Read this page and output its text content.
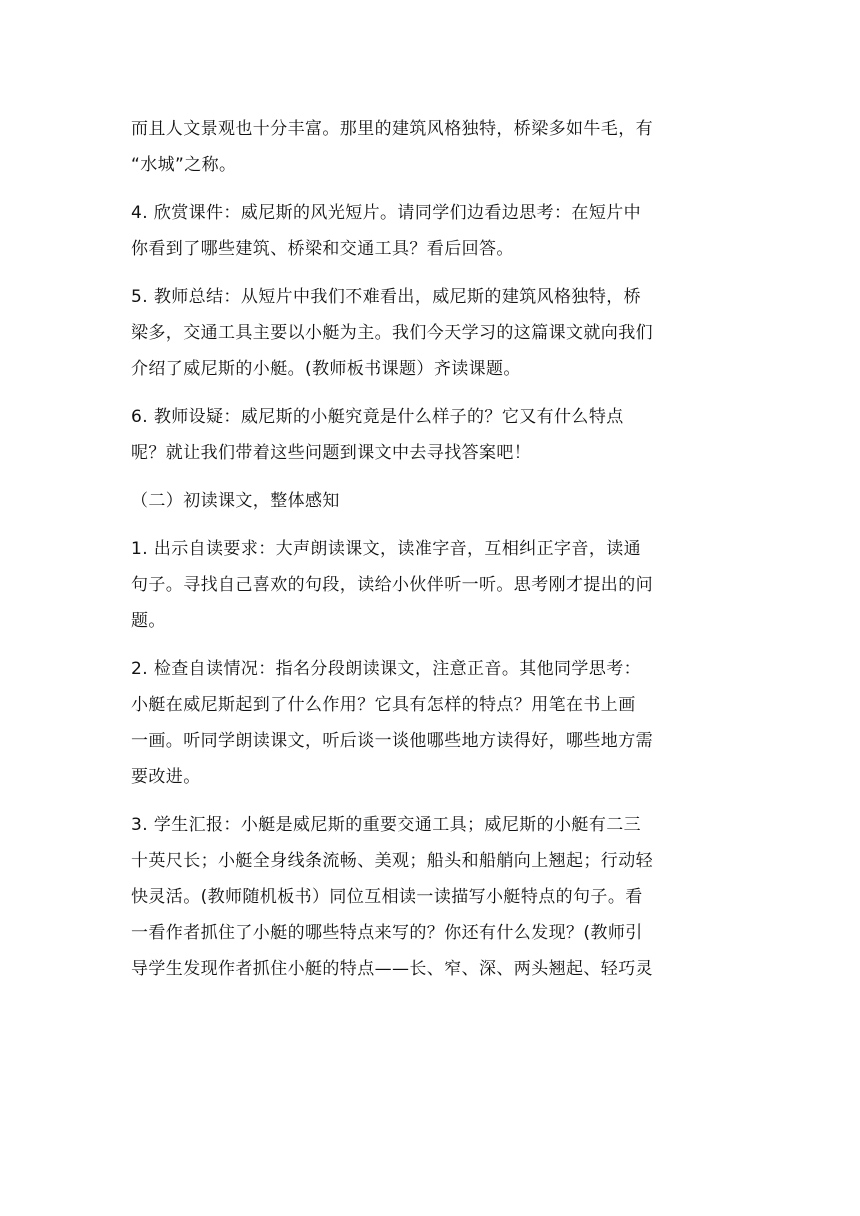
而且人文景观也十分丰富。那里的建筑风格独特，桥梁多如牛毛，有
“水城”之称。

4. 欣赏课件：威尼斯的风光短片。请同学们边看边思考：在短片中
你看到了哪些建筑、桥梁和交通工具？看后回答。

5. 教师总结：从短片中我们不难看出，威尼斯的建筑风格独特，桥
梁多，交通工具主要以小艇为主。我们今天学习的这篇课文就向我们
介绍了威尼斯的小艇。(教师板书课题）齐读课题。

6. 教师设疑：威尼斯的小艇究竟是什么样子的？它又有什么特点
呢？就让我们带着这些问题到课文中去寻找答案吧！

（二）初读课文，整体感知

1. 出示自读要求：大声朗读课文，读准字音，互相纠正字音，读通
句子。寻找自己喜欢的句段，读给小伙伴听一听。思考刚才提出的问
题。

2. 检查自读情况：指名分段朗读课文，注意正音。其他同学思考：
小艇在威尼斯起到了什么作用？它具有怎样的特点？用笔在书上画
一画。听同学朗读课文，听后谈一谈他哪些地方读得好，哪些地方需
要改进。

3. 学生汇报：小艇是威尼斯的重要交通工具；威尼斯的小艇有二三
十英尺长；小艇全身线条流畅、美观；船头和船艄向上翘起；行动轻
快灵活。(教师随机板书）同位互相读一读描写小艇特点的句子。看
一看作者抓住了小艇的哪些特点来写的？你还有什么发现？(教师引
导学生发现作者抓住小艇的特点——长、窄、深、两头翘起、轻巧灵
